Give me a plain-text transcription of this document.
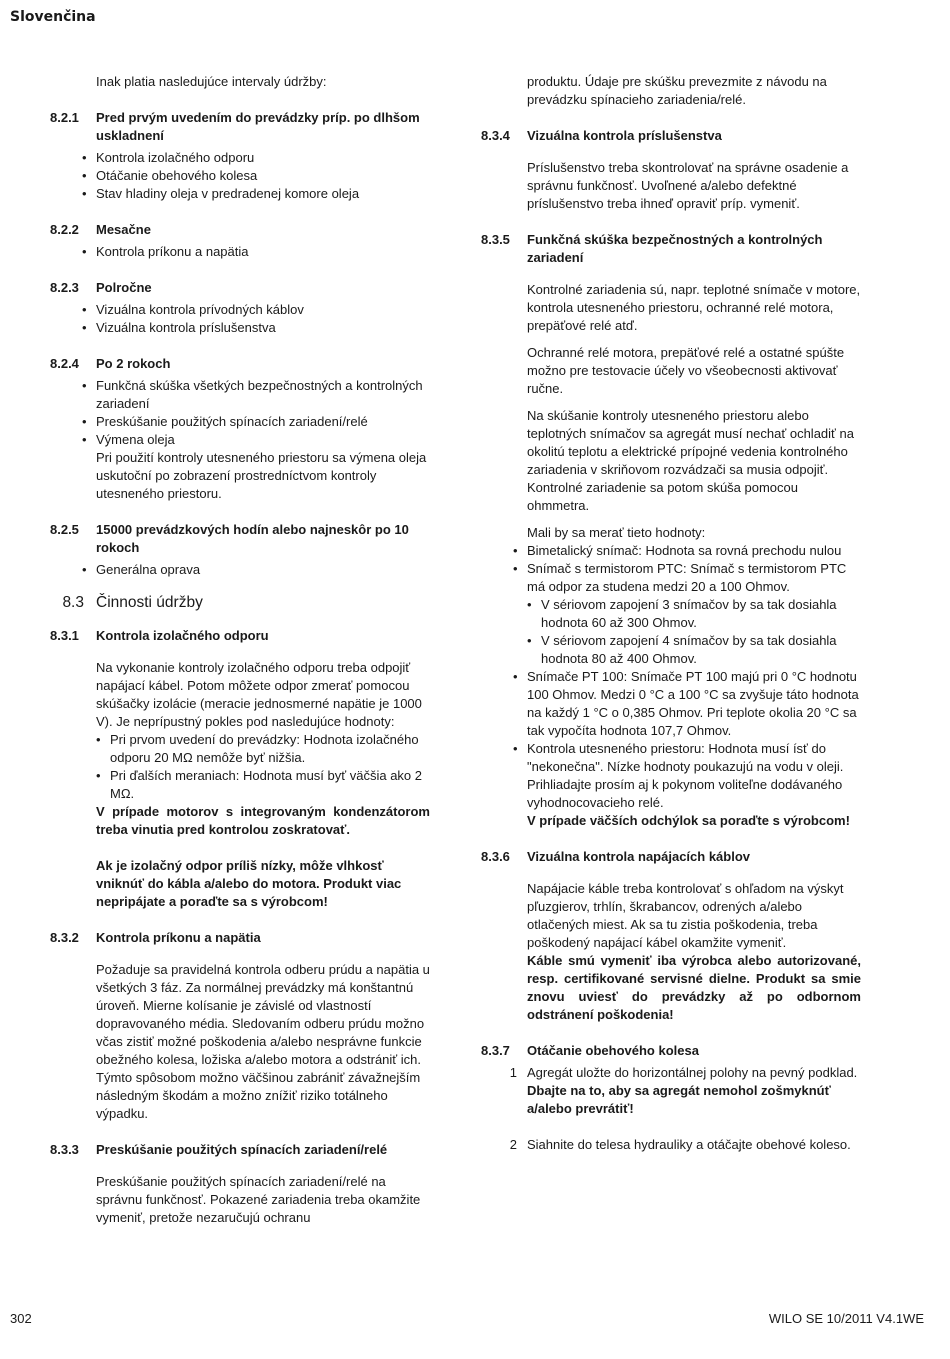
Slovenčina

Inak platia nasledujúce intervaly údržby:

8.2.1	Pred prvým uvedením do prevádzky príp. po dlhšom uskladnení
• Kontrola izolačného odporu
• Otáčanie obehového kolesa
• Stav hladiny oleja v predradenej komore oleja
8.2.2	Mesačne
• Kontrola príkonu a napätia
8.2.3	Polročne
• Vizuálna kontrola prívodných káblov
• Vizuálna kontrola príslušenstva
8.2.4	Po 2 rokoch
• Funkčná skúška všetkých bezpečnostných a kontrolných zariadení
• Preskúšanie použitých spínacích zariadení/relé
• Výmena oleja

Pri použití kontroly utesneného priestoru sa výmena oleja uskutoční po zobrazení prostredníctvom kontroly utesneného priestoru.

8.2.5	15000 prevádzkových hodín alebo najneskôr po 10 rokoch
• Generálna oprava
8.3 Činnosti údržby
8.3.1	Kontrola izolačného odporu

Na vykonanie kontroly izolačného odporu treba odpojiť napájací kábel. Potom môžete odpor zmerať pomocou skúšačky izolácie (meracie jednosmerné napätie je 1000 V). Je neprípustný pokles pod nasledujúce hodnoty:

• Pri prvom uvedení do prevádzky: Hodnota izolačného odporu 20 MΩ nemôže byť nižšia.
• Pri ďalších meraniach: Hodnota musí byť väčšia ako 2 MΩ.

V prípade motorov s integrovaným kondenzátorom treba vinutia pred kontrolou zoskratovať.

Ak je izolačný odpor príliš nízky, môže vlhkosť vniknúť do kábla a/alebo do motora. Produkt viac nepripájate a poraďte sa s výrobcom!

8.3.2	Kontrola príkonu a napätia

Požaduje sa pravidelná kontrola odberu prúdu a napätia u všetkých 3 fáz. Za normálnej prevádzky má konštantnú úroveň. Mierne kolísanie je závislé od vlastností dopravovaného média. Sledovaním odberu prúdu možno včas zistiť možné poškodenia a/alebo nesprávne funkcie obežného kolesa, ložiska a/alebo motora a odstrániť ich. Týmto spôsobom možno väčšinou zabrániť závažnejším následným škodám a možno znížiť riziko totálneho výpadku.

8.3.3	Preskúšanie použitých spínacích zariadení/relé

Preskúšanie použitých spínacích zariadení/relé na správnu funkčnosť. Pokazené zariadenia treba okamžite vymeniť, pretože nezaručujú ochranu

produktu. Údaje pre skúšku prevezmite z návodu na prevádzku spínacieho zariadenia/relé.

8.3.4	Vizuálna kontrola príslušenstva

Príslušenstvo treba skontrolovať na správne osadenie a správnu funkčnosť. Uvoľnené a/alebo defektné príslušenstvo treba ihneď opraviť príp. vymeniť.

8.3.5	Funkčná skúška bezpečnostných a kontrolných zariadení

Kontrolné zariadenia sú, napr. teplotné snímače v motore, kontrola utesneného priestoru, ochranné relé motora, prepäťové relé atď.

Ochranné relé motora, prepäťové relé a ostatné spúšte možno pre testovacie účely vo všeobecnosti aktivovať ručne.

Na skúšanie kontroly utesneného priestoru alebo teplotných snímačov sa agregát musí nechať ochladiť na okolitú teplotu a elektrické prípojné vedenia kontrolného zariadenia v skriňovom rozvádzači sa musia odpojiť. Kontrolné zariadenie sa potom skúša pomocou ohmmetra.

Mali by sa merať tieto hodnoty:

• Bimetalický snímač: Hodnota sa rovná prechodu nulou
• Snímač s termistorom PTC: Snímač s termistorom PTC má odpor za studena medzi 20 a 100 Ohmov.
• V sériovom zapojení 3 snímačov by sa tak dosiahla hodnota 60 až 300 Ohmov.
• V sériovom zapojení 4 snímačov by sa tak dosiahla hodnota 80 až 400 Ohmov.
• Snímače PT 100: Snímače PT 100 majú pri 0 °C hodnotu 100 Ohmov. Medzi 0 °C a 100 °C sa zvyšuje táto hodnota na každý 1 °C o 0,385 Ohmov. Pri teplote okolia 20 °C sa tak vypočíta hodnota 107,7 Ohmov.
• Kontrola utesneného priestoru: Hodnota musí ísť do "nekonečna". Nízke hodnoty poukazujú na vodu v oleji. Prihliadajte prosím aj k pokynom voliteľne dodávaného vyhodnocovacieho relé.

V prípade väčších odchýlok sa poraďte s výrobcom!

8.3.6	Vizuálna kontrola napájacích káblov

Napájacie káble treba kontrolovať s ohľadom na výskyt pľuzgierov, trhlín, škrabancov, odrených a/alebo otlačených miest. Ak sa tu zistia poškodenia, treba poškodený napájací kábel okamžite vymeniť.

Káble smú vymeniť iba výrobca alebo autorizované, resp. certifikované servisné dielne. Produkt sa smie znovu uviesť do prevádzky až po odbornom odstránení poškodenia!

8.3.7	Otáčanie obehového kolesa
1 Agregát uložte do horizontálnej polohy na pevný podklad.
Dbajte na to, aby sa agregát nemohol zošmyknúť a/alebo prevrátiť!
2 Siahnite do telesa hydrauliky a otáčajte obehové koleso.
302	WILO SE 10/2011 V4.1WE
